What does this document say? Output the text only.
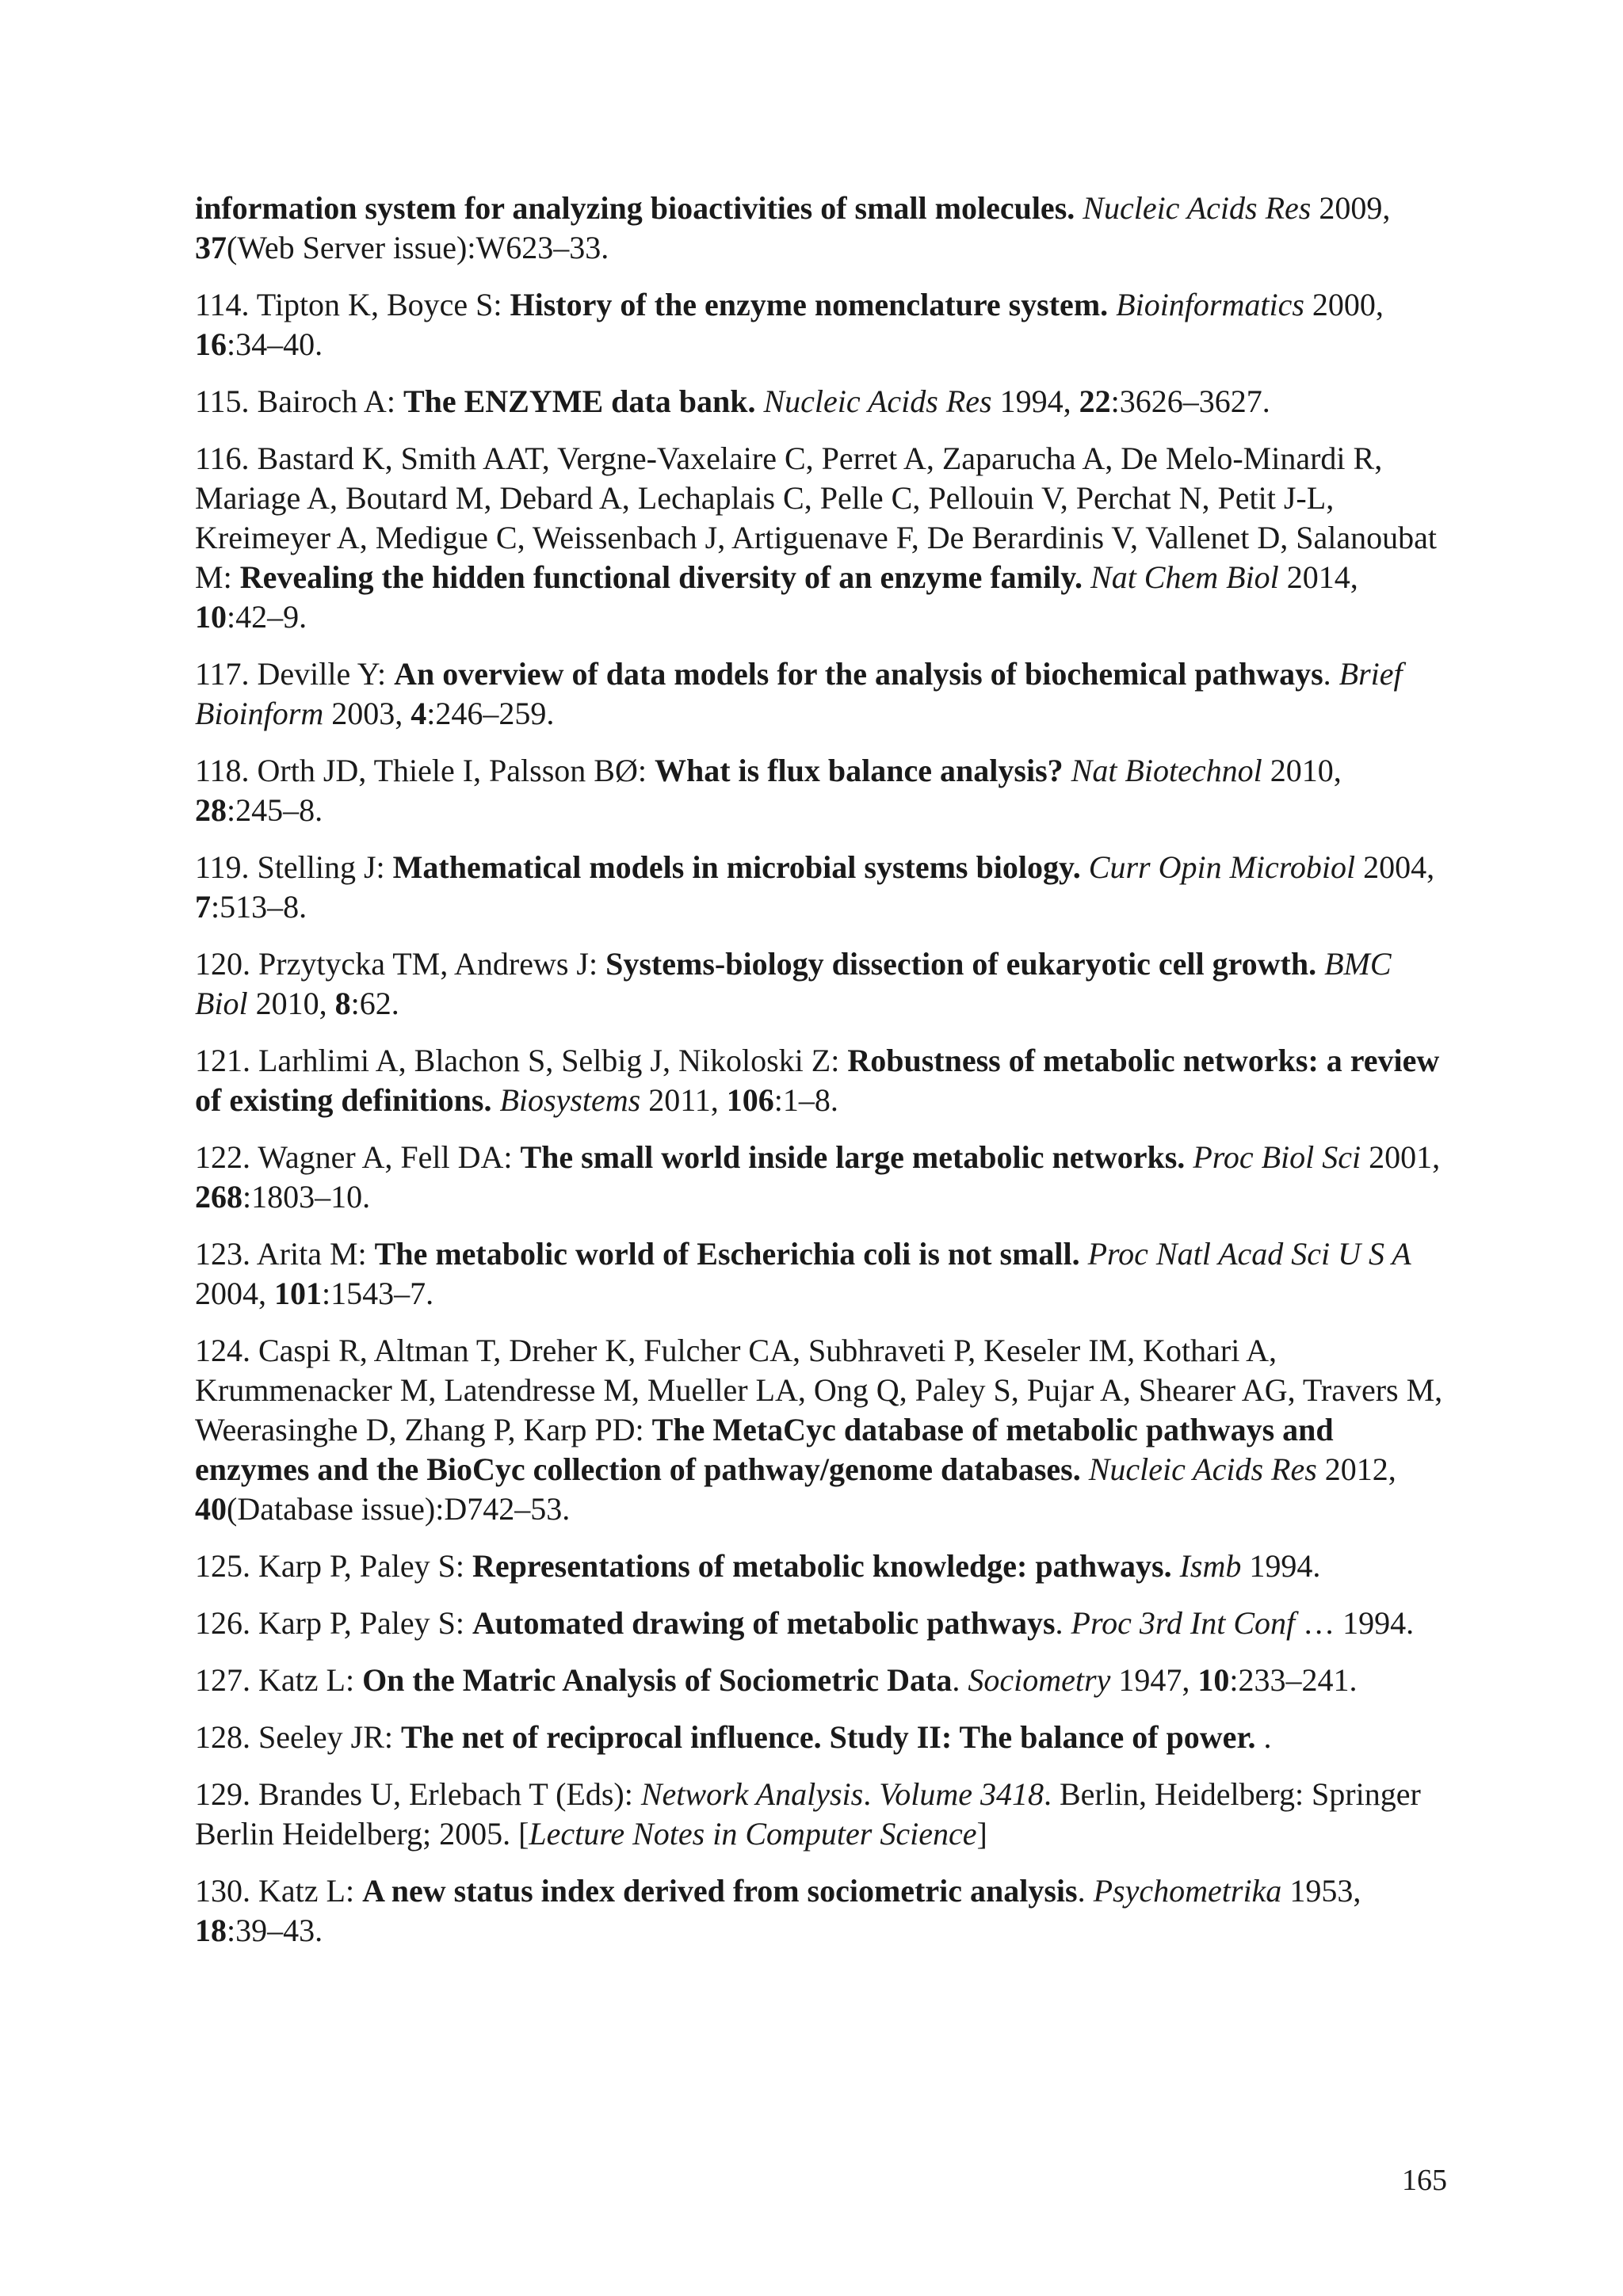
information system for analyzing bioactivities of small molecules. Nucleic Acids Res 2009, 37(Web Server issue):W623–33.

114. Tipton K, Boyce S: History of the enzyme nomenclature system. Bioinformatics 2000, 16:34–40.

115. Bairoch A: The ENZYME data bank. Nucleic Acids Res 1994, 22:3626–3627.

116. Bastard K, Smith AAT, Vergne-Vaxelaire C, Perret A, Zaparucha A, De Melo-Minardi R, Mariage A, Boutard M, Debard A, Lechaplais C, Pelle C, Pellouin V, Perchat N, Petit J-L, Kreimeyer A, Medigue C, Weissenbach J, Artiguenave F, De Berardinis V, Vallenet D, Salanoubat M: Revealing the hidden functional diversity of an enzyme family. Nat Chem Biol 2014, 10:42–9.

117. Deville Y: An overview of data models for the analysis of biochemical pathways. Brief Bioinform 2003, 4:246–259.

118. Orth JD, Thiele I, Palsson BØ: What is flux balance analysis? Nat Biotechnol 2010, 28:245–8.

119. Stelling J: Mathematical models in microbial systems biology. Curr Opin Microbiol 2004, 7:513–8.

120. Przytycka TM, Andrews J: Systems-biology dissection of eukaryotic cell growth. BMC Biol 2010, 8:62.

121. Larhlimi A, Blachon S, Selbig J, Nikoloski Z: Robustness of metabolic networks: a review of existing definitions. Biosystems 2011, 106:1–8.

122. Wagner A, Fell DA: The small world inside large metabolic networks. Proc Biol Sci 2001, 268:1803–10.

123. Arita M: The metabolic world of Escherichia coli is not small. Proc Natl Acad Sci U S A 2004, 101:1543–7.

124. Caspi R, Altman T, Dreher K, Fulcher CA, Subhraveti P, Keseler IM, Kothari A, Krummenacker M, Latendresse M, Mueller LA, Ong Q, Paley S, Pujar A, Shearer AG, Travers M, Weerasinghe D, Zhang P, Karp PD: The MetaCyc database of metabolic pathways and enzymes and the BioCyc collection of pathway/genome databases. Nucleic Acids Res 2012, 40(Database issue):D742–53.

125. Karp P, Paley S: Representations of metabolic knowledge: pathways. Ismb 1994.

126. Karp P, Paley S: Automated drawing of metabolic pathways. Proc 3rd Int Conf … 1994.

127. Katz L: On the Matric Analysis of Sociometric Data. Sociometry 1947, 10:233–241.

128. Seeley JR: The net of reciprocal influence. Study II: The balance of power. .

129. Brandes U, Erlebach T (Eds): Network Analysis. Volume 3418. Berlin, Heidelberg: Springer Berlin Heidelberg; 2005. [Lecture Notes in Computer Science]

130. Katz L: A new status index derived from sociometric analysis. Psychometrika 1953, 18:39–43.

165
